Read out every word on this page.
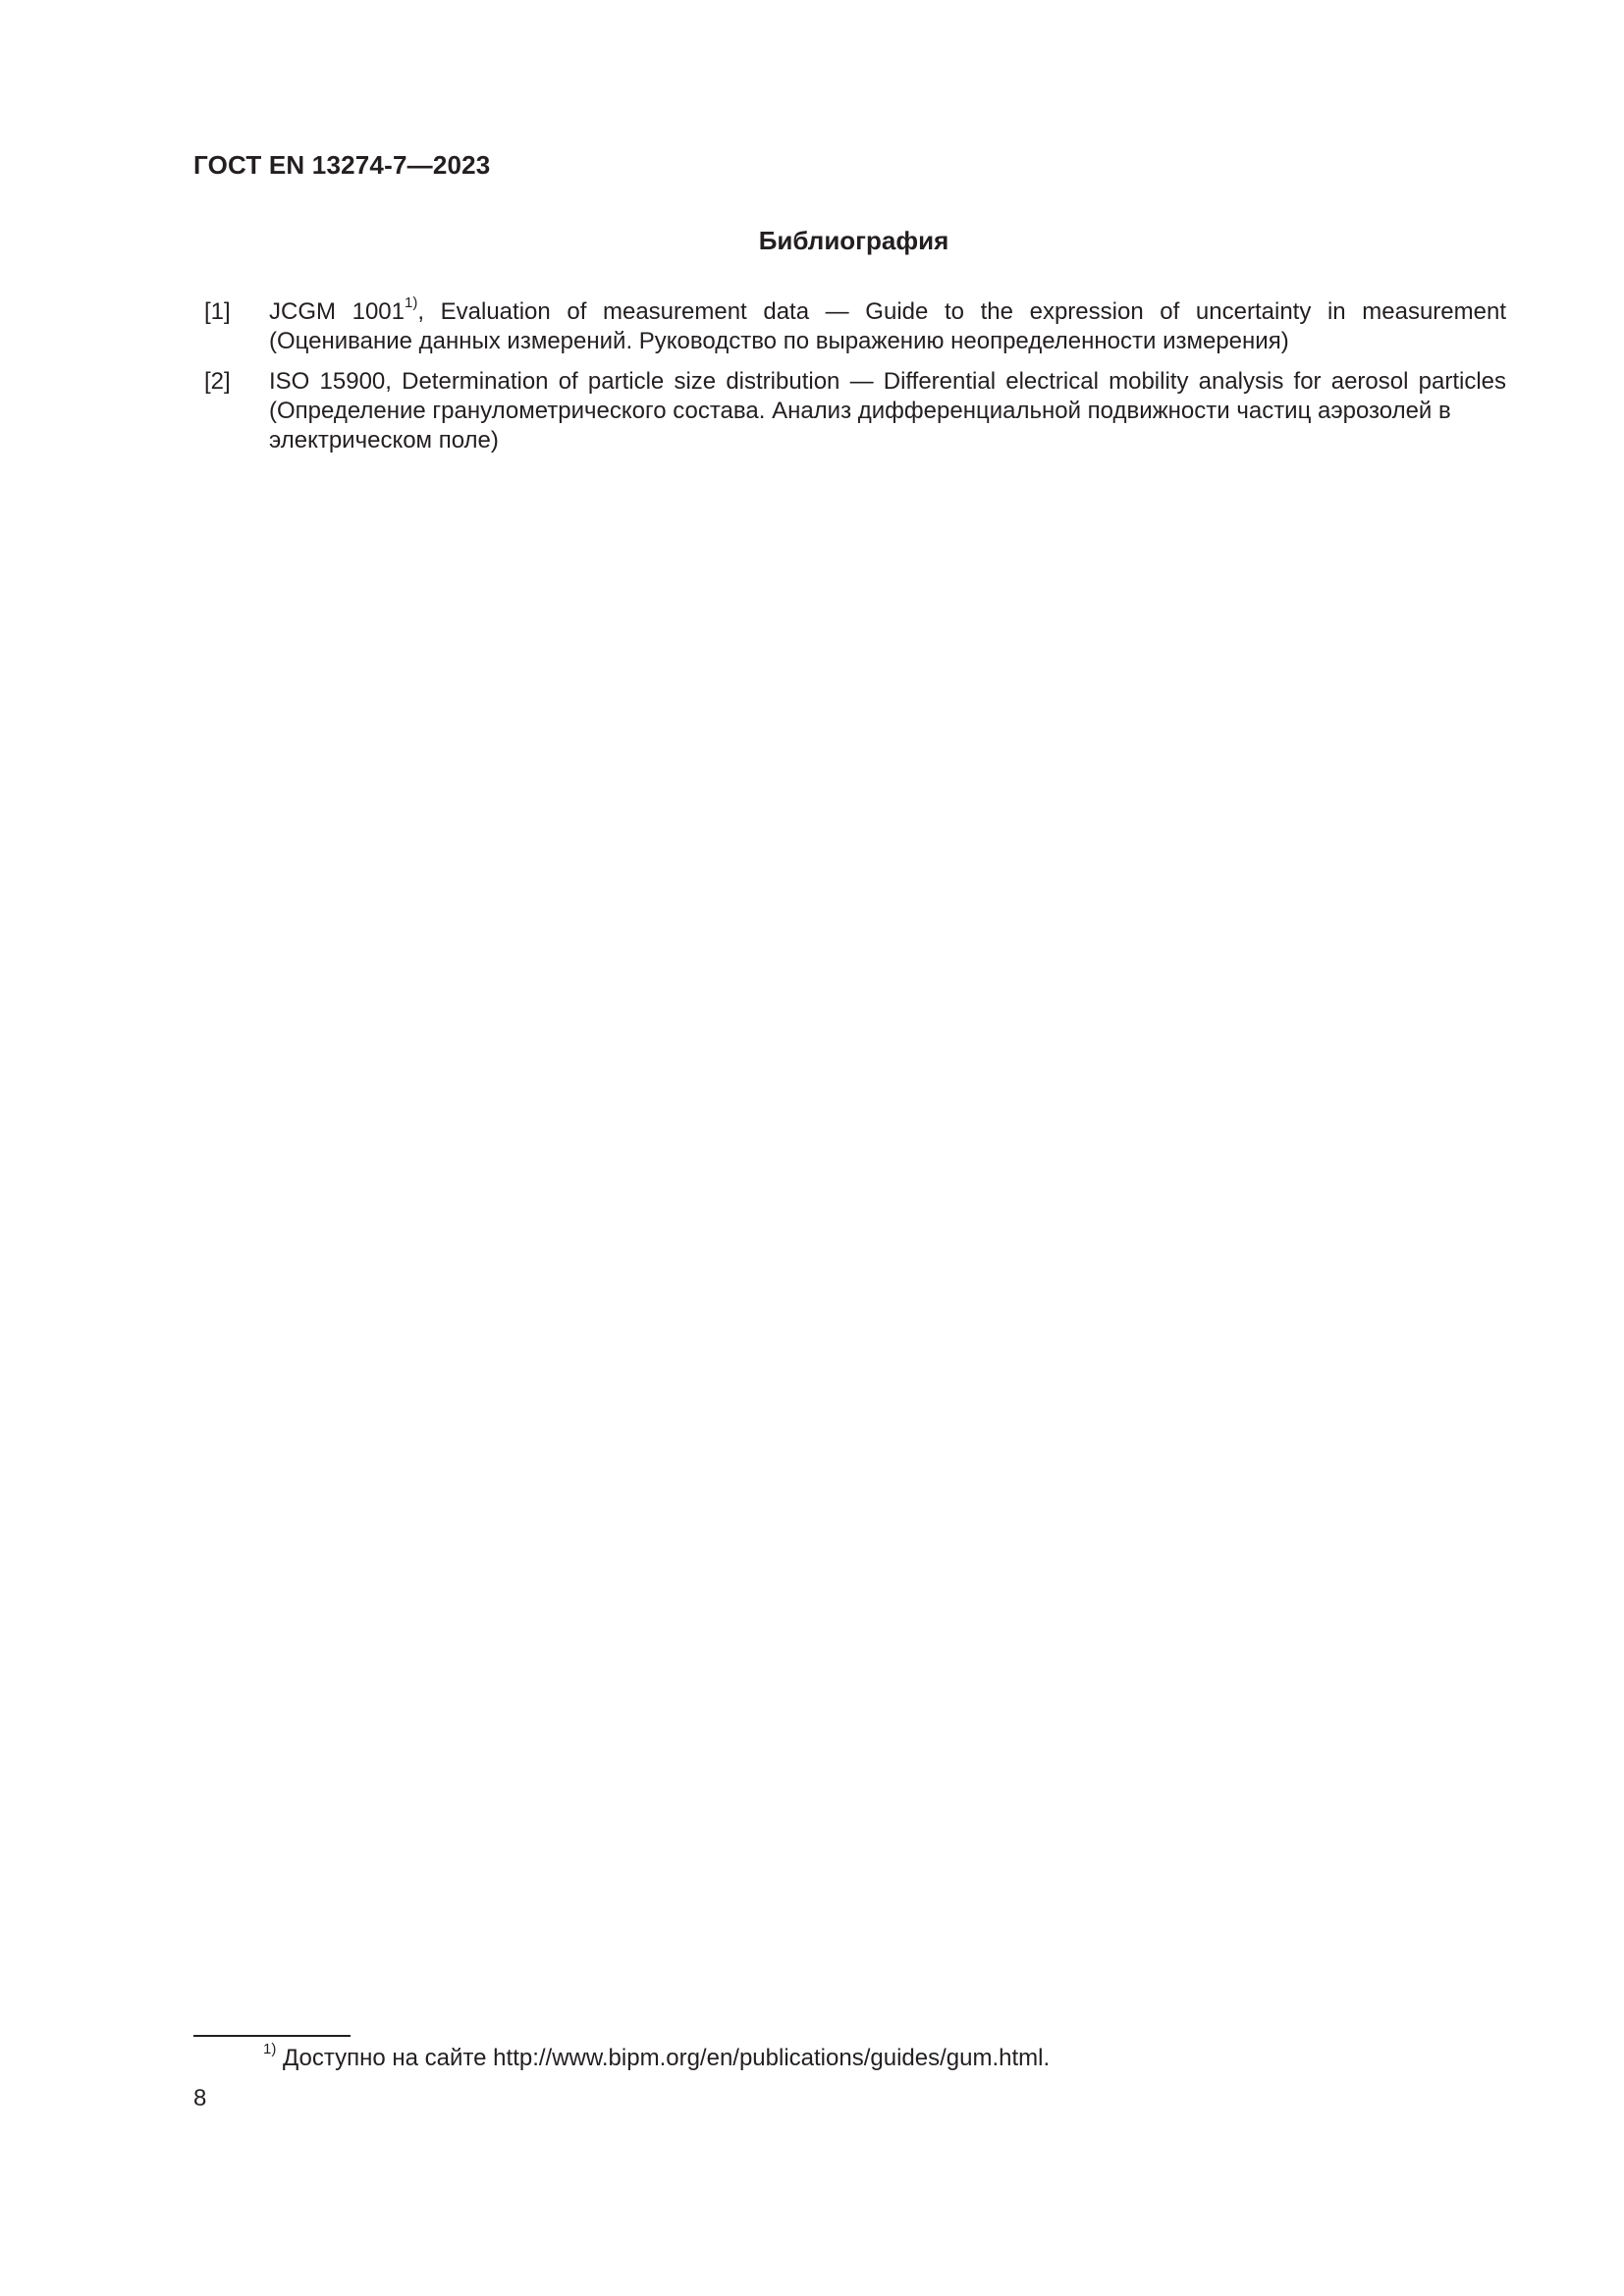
ГОСТ EN 13274-7—2023
Библиография
[1]	JCGM 1001$^{1)}$, Evaluation of measurement data — Guide to the expression of uncertainty in measurement
(Оценивание данных измерений. Руководство по выражению неопределенности измерения)
[2]	ISO 15900, Determination of particle size distribution — Differential electrical mobility analysis for aerosol particles
(Определение гранулометрического состава. Анализ дифференциальной подвижности частиц аэрозолей в электрическом поле)
$^{1)}$ Доступно на сайте http://www.bipm.org/en/publications/guides/gum.html.
8
